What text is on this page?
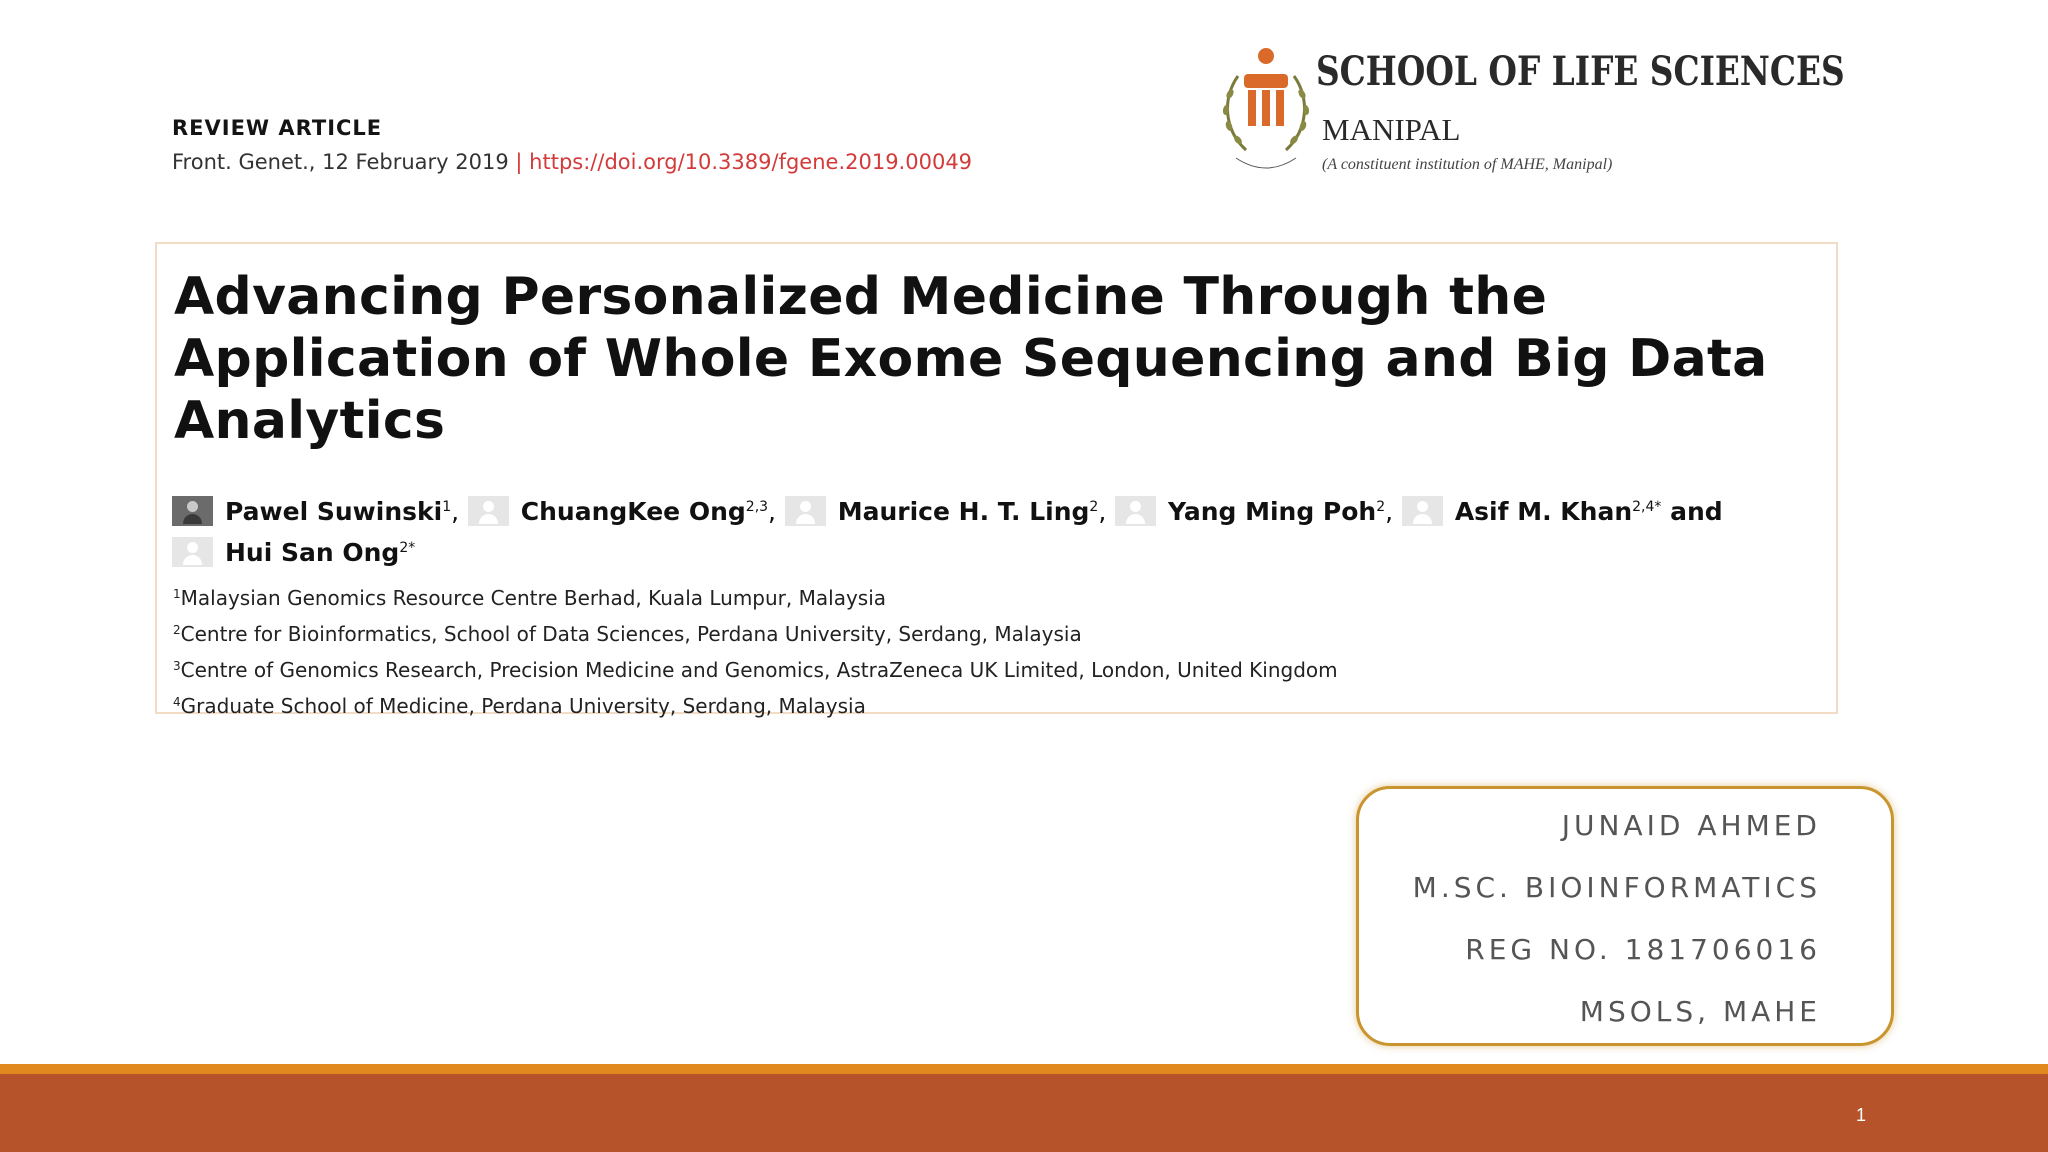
REVIEW ARTICLE
Front. Genet., 12 February 2019 | https://doi.org/10.3389/fgene.2019.00049
SCHOOL OF LIFE SCIENCES
MANIPAL
(A constituent institution of MAHE, Manipal)
Advancing Personalized Medicine Through the Application of Whole Exome Sequencing and Big Data Analytics
Pawel Suwinski$^1$, ChuangKee Ong$^{2,3}$, Maurice H. T. Ling$^2$, Yang Ming Poh$^2$, Asif M. Khan$^{2,4*}$ and
Hui San Ong$^{2*}$
$^1$Malaysian Genomics Resource Centre Berhad, Kuala Lumpur, Malaysia
$^2$Centre for Bioinformatics, School of Data Sciences, Perdana University, Serdang, Malaysia
$^3$Centre of Genomics Research, Precision Medicine and Genomics, AstraZeneca UK Limited, London, United Kingdom
$^4$Graduate School of Medicine, Perdana University, Serdang, Malaysia
JUNAID AHMED
M.SC. BIOINFORMATICS
REG NO. 181706016
MSOLS, MAHE
1
